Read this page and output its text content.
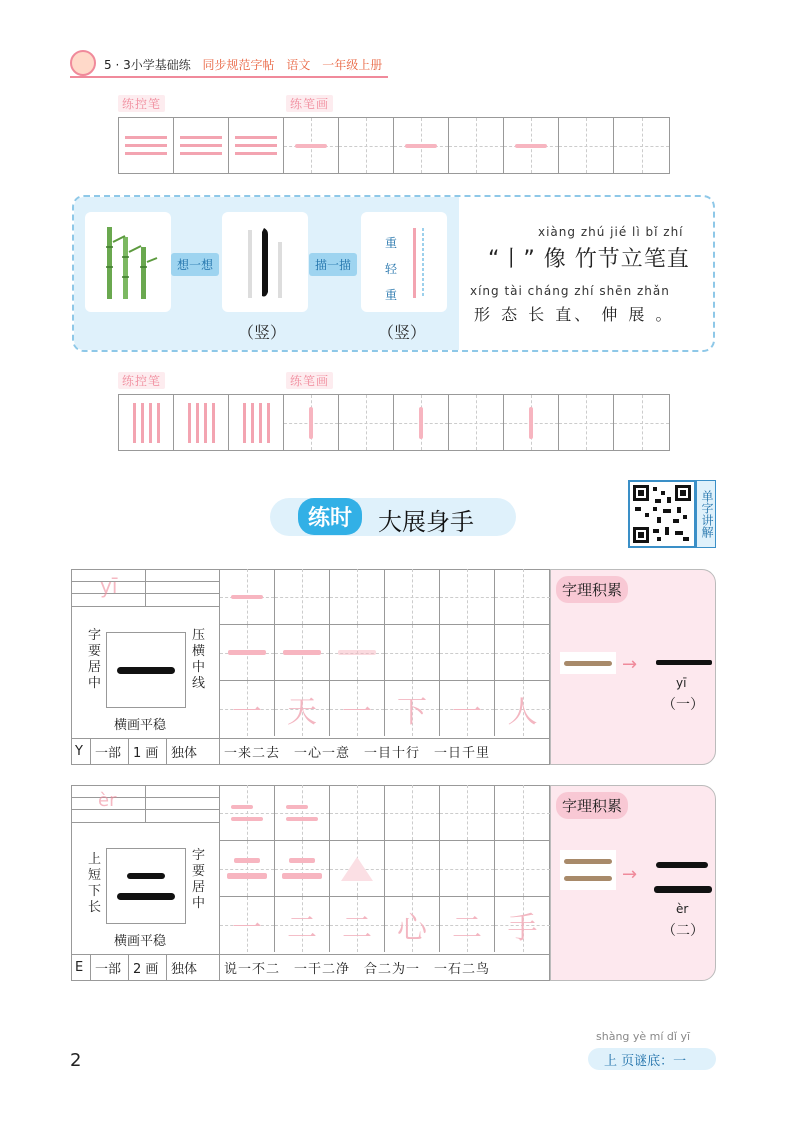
5 · 3小学基础练 同步规范字帖 语文 一年级上册
练控笔	练笔画
想一想	描一描
重
轻
重
（竖）	（竖）
xiàng zhú jié lì bǐ zhí
“丨” 像 竹节立笔直
xíng tài cháng zhí shēn zhǎn
形 态 长 直、 伸 展 。
练控笔	练笔画
练时	大展身手	单字讲解
yī
字要居中
压横中线
横画平稳 一 天 一 下 一 人
Y 一部 1 画 独体	一来二去　一心一意　一目十行　一日千里
字理积累
→
yī
（一）
èr
上短下长
字要居中
横画平稳 一 二 二 心 二 手
E 一部 2 画 独体	说一不二　一干二净　合二为一　一石二鸟
字理积累
→
èr
（二）
2
shàng yè mí dǐ yī
上 页谜底：一
